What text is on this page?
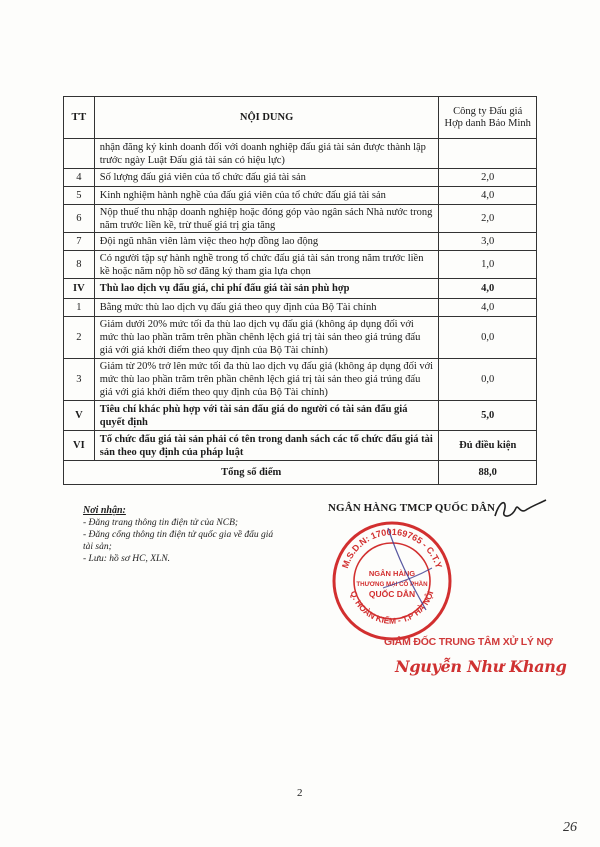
TT	NỘI DUNG	Công ty Đấu giá Hợp danh Bảo Minh
	nhận đăng ký kinh doanh đối với doanh nghiệp đấu giá tài sản được thành lập trước ngày Luật Đấu giá tài sản có hiệu lực)	
4	Số lượng đấu giá viên của tổ chức đấu giá tài sản	2,0
5	Kinh nghiệm hành nghề của đấu giá viên của tổ chức đấu giá tài sản	4,0
6	Nộp thuế thu nhập doanh nghiệp hoặc đóng góp vào ngân sách Nhà nước trong năm trước liền kề, trừ thuế giá trị gia tăng	2,0
7	Đội ngũ nhân viên làm việc theo hợp đồng lao động	3,0
8	Có người tập sự hành nghề trong tổ chức đấu giá tài sản trong năm trước liền kề hoặc năm nộp hồ sơ đăng ký tham gia lựa chọn	1,0
IV	Thù lao dịch vụ đấu giá, chi phí đấu giá tài sản phù hợp	4,0
1	Bằng mức thù lao dịch vụ đấu giá theo quy định của Bộ Tài chính	4,0
2	Giảm dưới 20% mức tối đa thù lao dịch vụ đấu giá (không áp dụng đối với mức thù lao phần trăm trên phần chênh lệch giá trị tài sản theo giá trúng đấu giá với giá khởi điểm theo quy định của Bộ Tài chính)	0,0
3	Giảm từ 20% trở lên mức tối đa thù lao dịch vụ đấu giá (không áp dụng đối với mức thù lao phần trăm trên phần chênh lệch giá trị tài sản theo giá trúng đấu giá với giá khởi điểm theo quy định của Bộ Tài chính)	0,0
V	Tiêu chí khác phù hợp với tài sản đấu giá do người có tài sản đấu giá quyết định	5,0
VI	Tổ chức đấu giá tài sản phải có tên trong danh sách các tổ chức đấu giá tài sản theo quy định của pháp luật	Đủ điều kiện
Tổng số điểm		88,0
Nơi nhận:
- Đăng trang thông tin điện tử của NCB;
- Đăng cổng thông tin điện tử quốc gia về đấu giá tài sản;
- Lưu: hồ sơ HC, XLN.
NGÂN HÀNG TMCP QUỐC DÂN
M.S.D.N: 1700169765 - C.T.Y
Q. HOÀN KIẾM - T.P HÀ NỘI
NGÂN HÀNG
THƯƠNG MẠI CỔ PHẦN
QUỐC DÂN
GIÁM ĐỐC TRUNG TÂM XỬ LÝ NỢ
Nguyễn Như Khang
2
26
